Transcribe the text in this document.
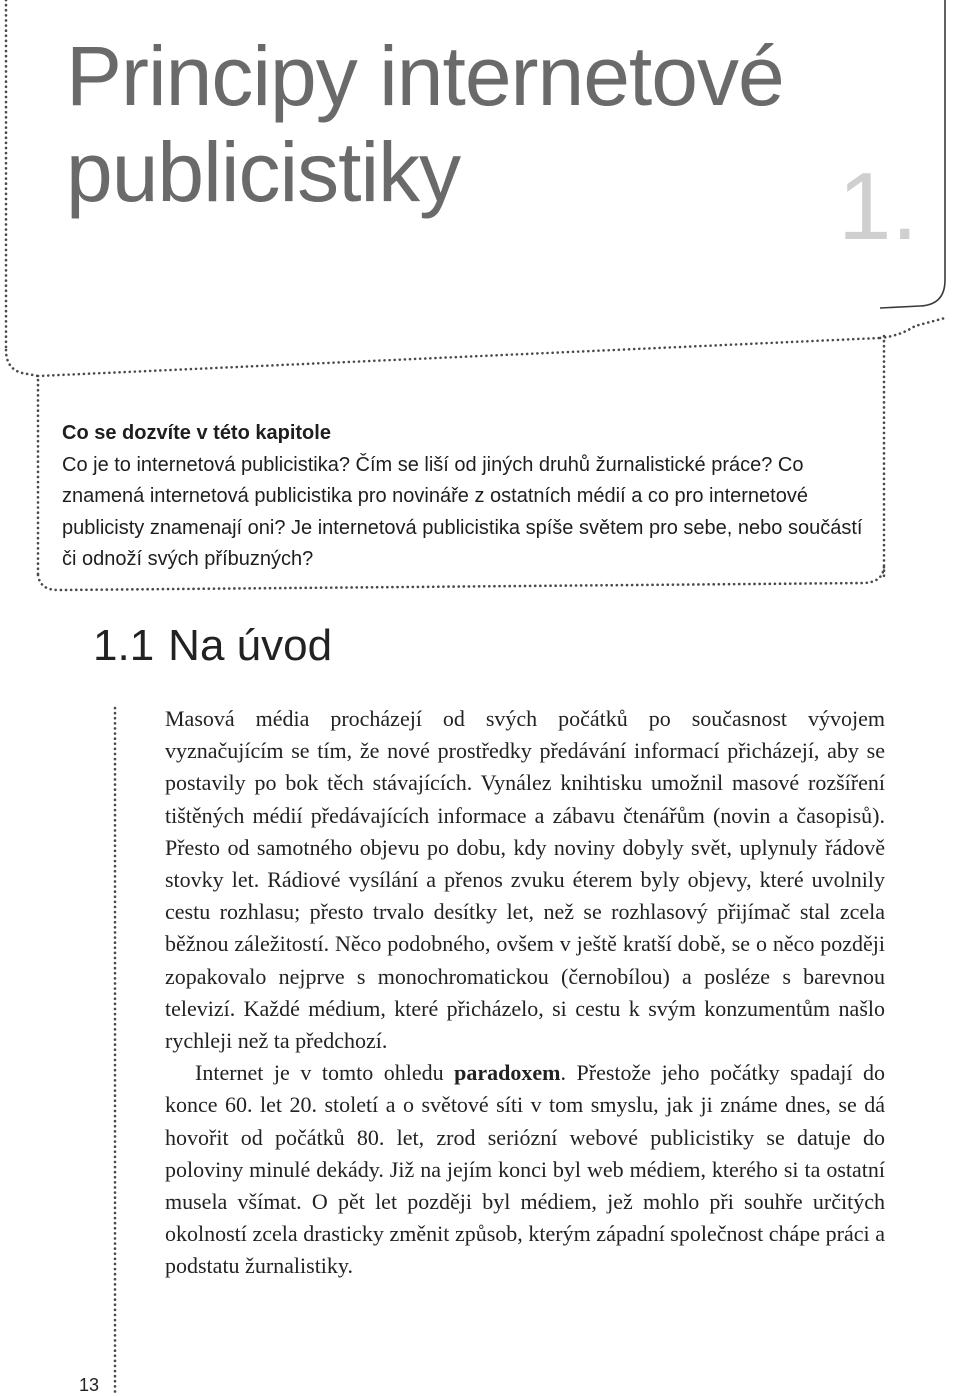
Principy internetové
publicistiky	1.
Co se dozvíte v této kapitole

Co je to internetová publicistika? Čím se liší od jiných druhů žurnalistické práce? Co znamená internetová publicistika pro novináře z ostatních médií a co pro internetové publicisty znamenají oni? Je internetová publicistika spíše světem pro sebe, nebo součástí či odnoží svých příbuzných?

1.1 Na úvod

Masová média procházejí od svých počátků po současnost vývojem vyznačujícím se tím, že nové prostředky předávání informací přicházejí, aby se postavily po bok těch stávajících. Vynález knihtisku umožnil masové rozšíření tištěných médií předávajících informace a zábavu čtenářům (novin a časopisů). Přesto od samotného objevu po dobu, kdy noviny dobyly svět, uplynuly řádově stovky let. Rádiové vysílání a přenos zvuku éterem byly objevy, které uvolnily cestu rozhlasu; přesto trvalo desítky let, než se rozhlasový přijímač stal zcela běžnou záležitostí. Něco podobného, ovšem v ještě kratší době, se o něco později zopakovalo nejprve s monochromatickou (černobílou) a posléze s barevnou televizí. Každé médium, které přicházelo, si cestu k svým konzumentům našlo rychleji než ta předchozí.

Internet je v tomto ohledu paradoxem. Přestože jeho počátky spadají do konce 60. let 20. století a o světové síti v tom smyslu, jak ji známe dnes, se dá hovořit od počátků 80. let, zrod seriózní webové publicistiky se datuje do poloviny minulé dekády. Již na jejím konci byl web médiem, kterého si ta ostatní musela všímat. O pět let později byl médiem, jež mohlo při souhře určitých okolností zcela drasticky změnit způsob, kterým západní společnost chápe práci a podstatu žurnalistiky.

13
